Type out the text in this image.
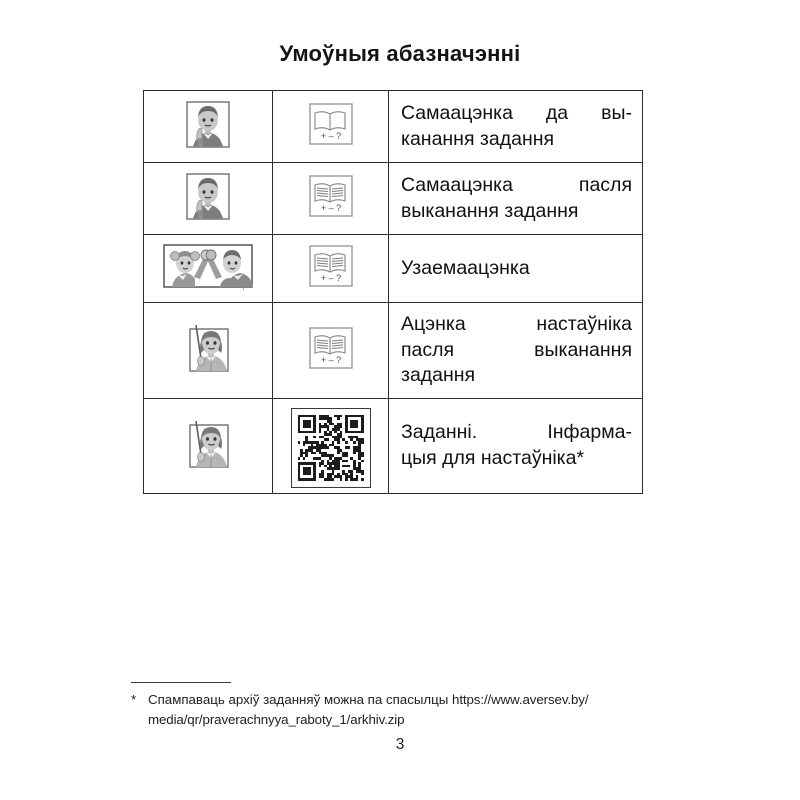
Умоўныя абазначэнні

+ – ?	Самаацэнка да вы-
канання задання

+ – ?	Самаацэнка пасля
выканання задання

+ – ?	Узаемаацэнка

+ – ?	Ацэнка настаўніка
пасля выканання
задання

Заданні. Інфарма-
цыя для настаўніка*
* Спампаваць архіў заданняў можна па спасылцы https://www.aversev.by/
media/qr/praverachnyya_raboty_1/arkhiv.zip
3
